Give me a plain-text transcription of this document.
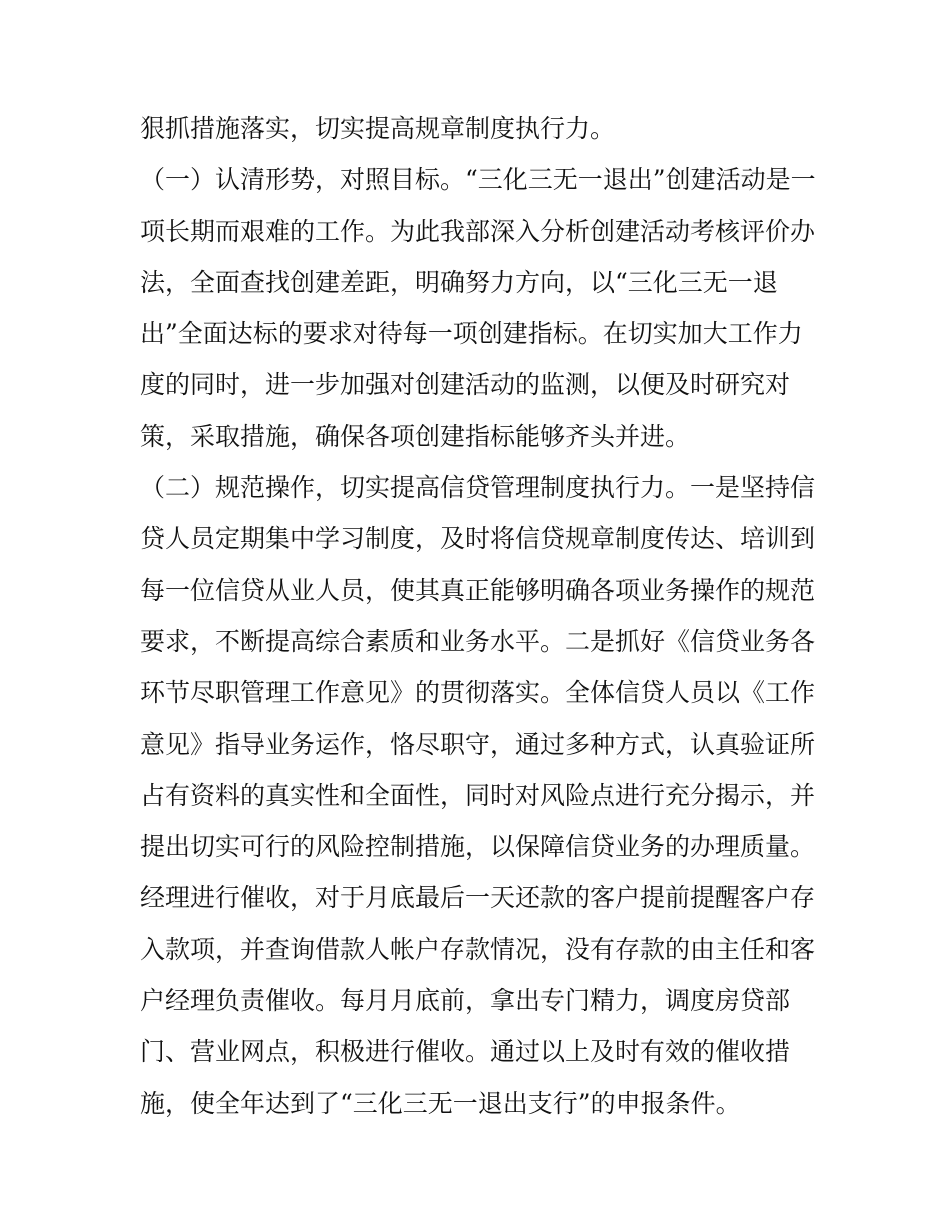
狠抓措施落实，切实提高规章制度执行力。
（一）认清形势，对照目标。“三化三无一退出”创建活动是一
项长期而艰难的工作。为此我部深入分析创建活动考核评价办
法，全面查找创建差距，明确努力方向，以“三化三无一退
出”全面达标的要求对待每一项创建指标。在切实加大工作力
度的同时，进一步加强对创建活动的监测，以便及时研究对
策，采取措施，确保各项创建指标能够齐头并进。
（二）规范操作，切实提高信贷管理制度执行力。一是坚持信
贷人员定期集中学习制度，及时将信贷规章制度传达、培训到
每一位信贷从业人员，使其真正能够明确各项业务操作的规范
要求，不断提高综合素质和业务水平。二是抓好《信贷业务各
环节尽职管理工作意见》的贯彻落实。全体信贷人员以《工作
意见》指导业务运作，恪尽职守，通过多种方式，认真验证所
占有资料的真实性和全面性，同时对风险点进行充分揭示，并
提出切实可行的风险控制措施，以保障信贷业务的办理质量。
经理进行催收，对于月底最后一天还款的客户提前提醒客户存
入款项，并查询借款人帐户存款情况，没有存款的由主任和客
户经理负责催收。每月月底前，拿出专门精力，调度房贷部
门、营业网点，积极进行催收。通过以上及时有效的催收措
施，使全年达到了“三化三无一退出支行”的申报条件。
